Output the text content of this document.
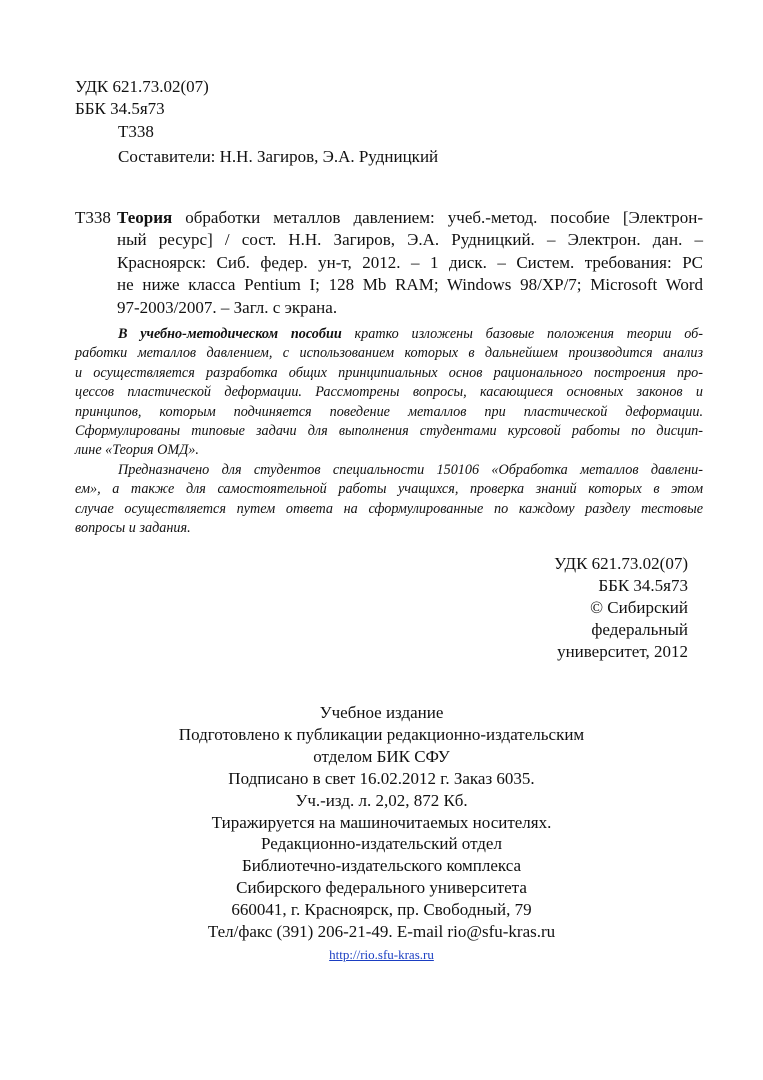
УДК 621.73.02(07)
ББК 34.5я73
Т338
Составители: Н.Н. Загиров, Э.А. Рудницкий
Т338 Теория обработки металлов давлением: учеб.-метод. пособие [Электрон-
ный ресурс] / сост. Н.Н. Загиров, Э.А. Рудницкий. – Электрон. дан. –
Красноярск: Сиб. федер. ун-т, 2012. – 1 диск. – Систем. требования: PC
не ниже класса Pentium I; 128 Mb RAM; Windows 98/XP/7; Microsoft Word
97-2003/2007. – Загл. с экрана.
В учебно-методическом пособии кратко изложены базовые положения теории об-
работки металлов давлением, с использованием которых в дальнейшем производится анализ
и осуществляется разработка общих принципиальных основ рационального построения про-
цессов пластической деформации. Рассмотрены вопросы, касающиеся основных законов и
принципов, которым подчиняется поведение металлов при пластической деформации.
Сформулированы типовые задачи для выполнения студентами курсовой работы по дисцип-
лине «Теория ОМД».
Предназначено для студентов специальности 150106 «Обработка металлов давлени-
ем», а также для самостоятельной работы учащихся, проверка знаний которых в этом
случае осуществляется путем ответа на сформулированные по каждому разделу тестовые
вопросы и задания.
УДК 621.73.02(07)
ББК 34.5я73
© Сибирский
федеральный
университет, 2012
Учебное издание
Подготовлено к публикации редакционно-издательским
отделом БИК СФУ
Подписано в свет 16.02.2012 г. Заказ 6035.
Уч.-изд. л. 2,02, 872 Кб.
Тиражируется на машиночитаемых носителях.
Редакционно-издательский отдел
Библиотечно-издательского комплекса
Сибирского федерального университета
660041, г. Красноярск, пр. Свободный, 79
Тел/факс (391) 206-21-49. E-mail rio@sfu-kras.ru
http://rio.sfu-kras.ru
